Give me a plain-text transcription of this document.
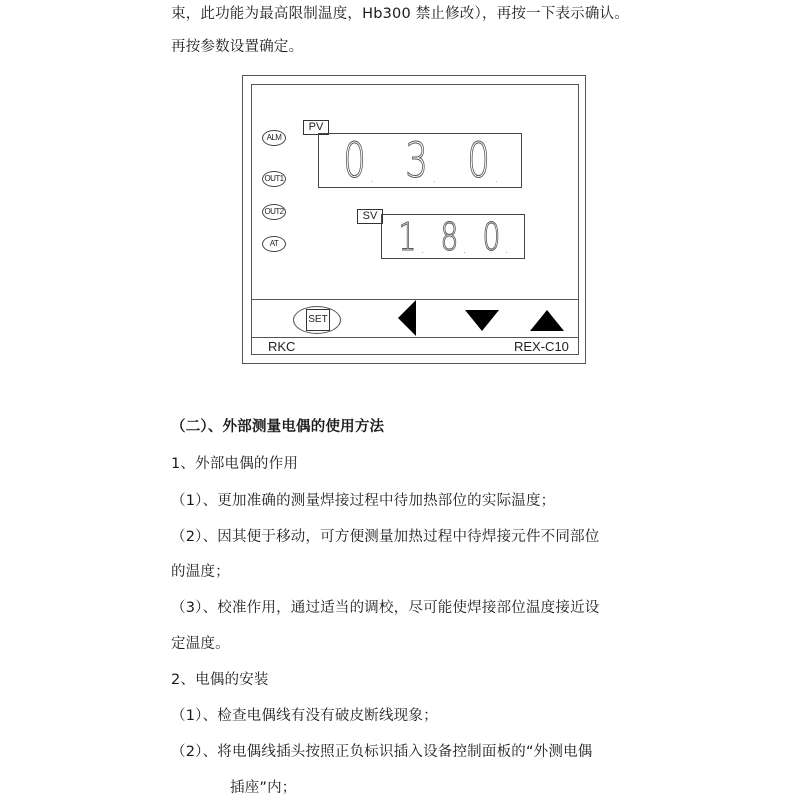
束，此功能为最高限制温度，Hb300 禁止修改），再按一下表示确认。
再按参数设置确定。
ALM
OUT1
OUT2
AT
PV
0 . 3 . 0 .
SV 1 . 8 . 0 .
SET
RKC	REX-C10
（二）、外部测量电偶的使用方法
1、外部电偶的作用
（1）、更加准确的测量焊接过程中待加热部位的实际温度；
（2）、因其便于移动，可方便测量加热过程中待焊接元件不同部位
的温度；
（3）、校准作用，通过适当的调校，尽可能使焊接部位温度接近设
定温度。
2、电偶的安装
（1）、检查电偶线有没有破皮断线现象；
（2）、将电偶线插头按照正负标识插入设备控制面板的“外测电偶
插座”内；
